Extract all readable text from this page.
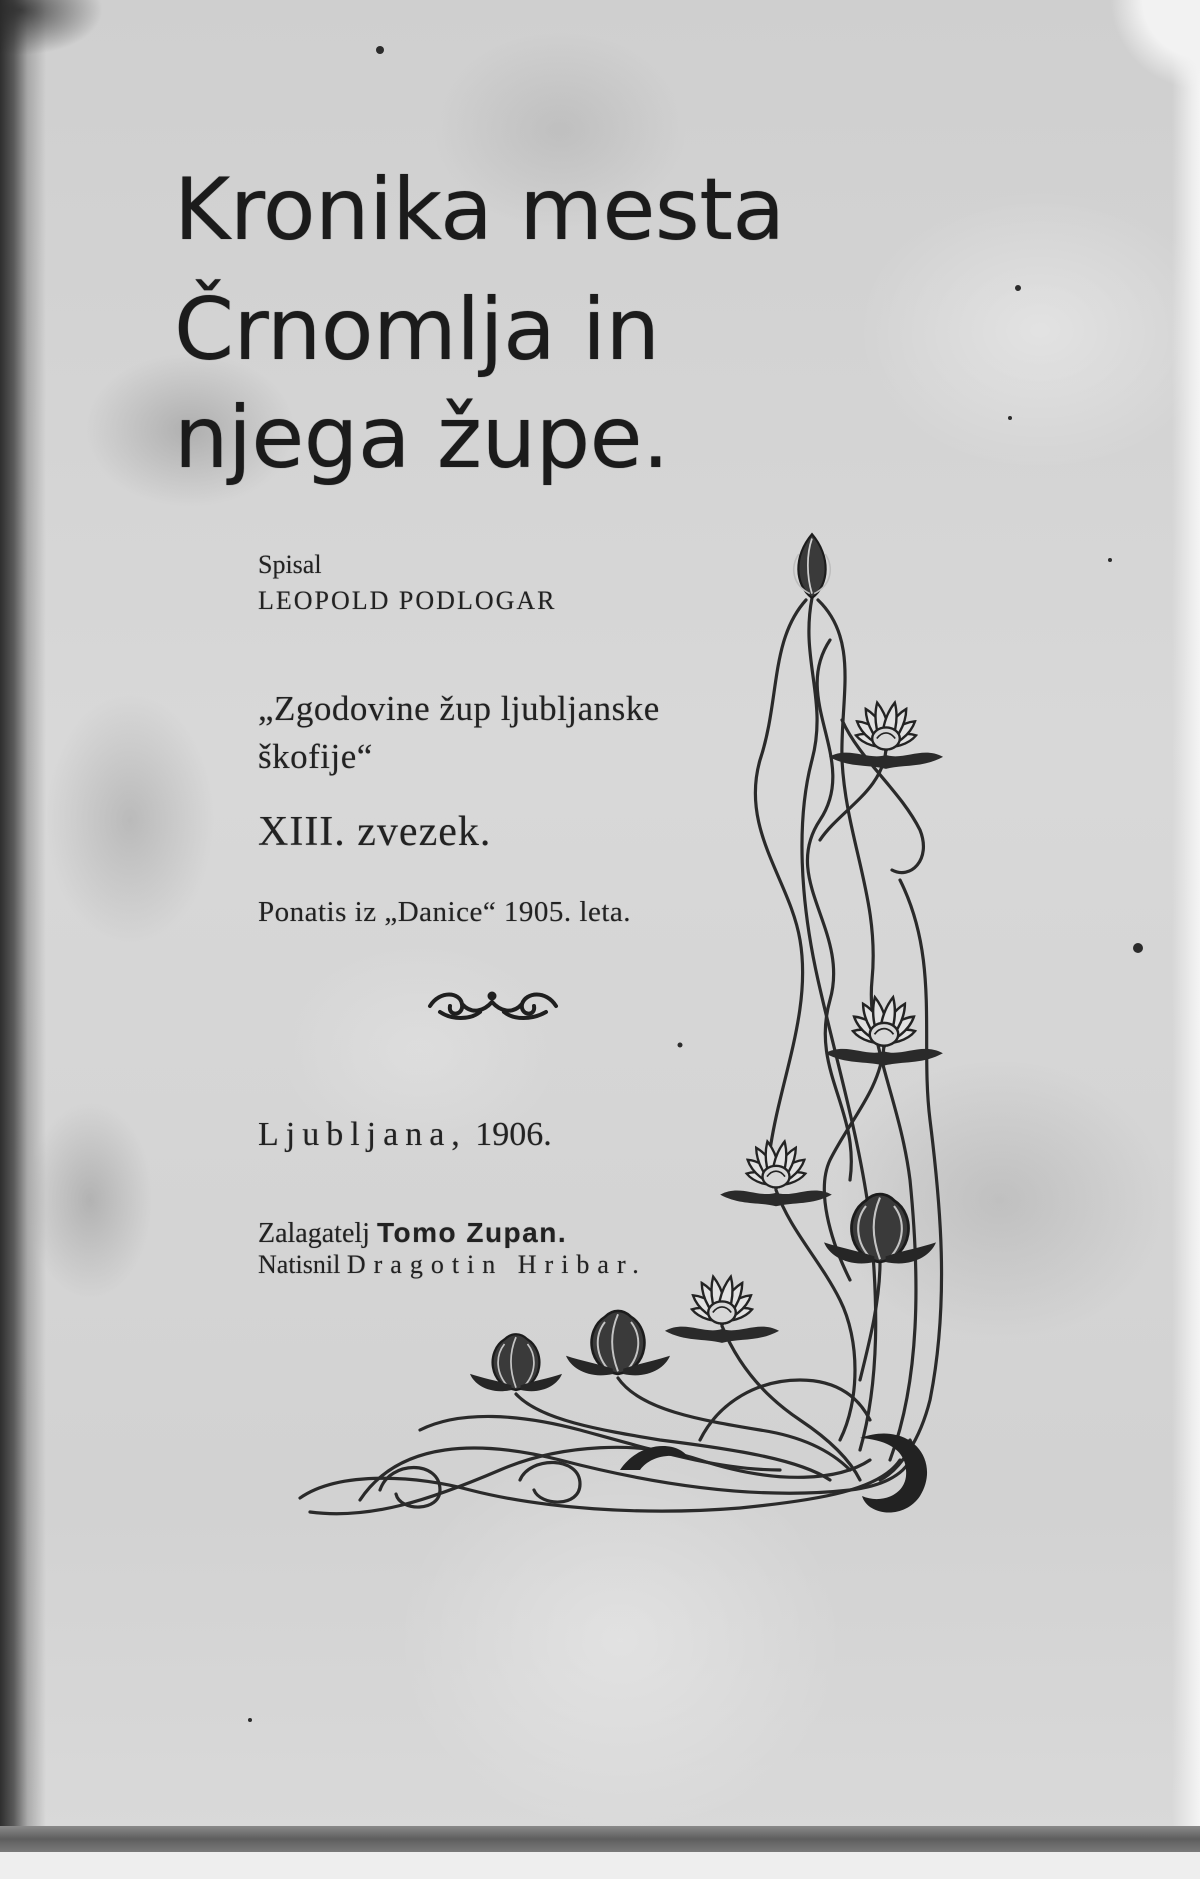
Kronika mesta
Črnomlja in
njega župe.
Spisal
LEOPOLD PODLOGAR
„Zgodovine žup ljubljanske
škofije“
XIII. zvezek.
Ponatis iz „Danice“ 1905. leta.
Ljubljana, 1906.
Zalagatelj Tomo Zupan.
Natisnil Dragotin Hribar.
